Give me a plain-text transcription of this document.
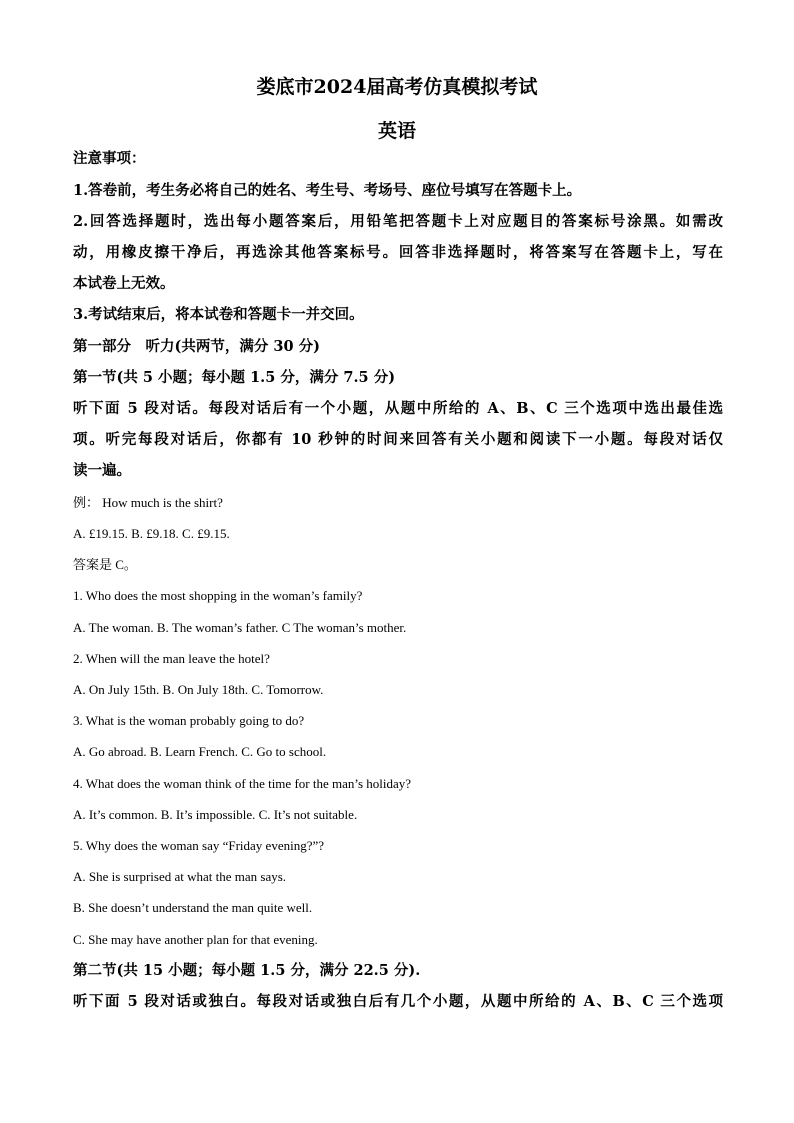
娄底市2024届高考仿真模拟考试
英语

注意事项：

1.答卷前，考生务必将自己的姓名、考生号、考场号、座位号填写在答题卡上。

2.回答选择题时，选出每小题答案后，用铅笔把答题卡上对应题目的答案标号涂黑。如需改

动，用橡皮擦干净后，再选涂其他答案标号。回答非选择题时，将答案写在答题卡上，写在

本试卷上无效。

3.考试结束后，将本试卷和答题卡一并交回。

第一部分　听力(共两节，满分 30 分)

第一节(共 5 小题；每小题 1.5 分，满分 7.5 分)

听下面 5 段对话。每段对话后有一个小题，从题中所给的 A、B、C 三个选项中选出最佳选

项。听完每段对话后，你都有 10 秒钟的时间来回答有关小题和阅读下一小题。每段对话仅

读一遍。

例： How much is the shirt?

A. £19.15. B. £9.18. C. £9.15.

答案是 C。

1. Who does the most shopping in the woman’s family?

A. The woman. B. The woman’s father. C The woman’s mother.

2. When will the man leave the hotel?

A. On July 15th. B. On July 18th. C. Tomorrow.

3. What is the woman probably going to do?

A. Go abroad. B. Learn French. C. Go to school.

4. What does the woman think of the time for the man’s holiday?

A. It’s common. B. It’s impossible. C. It’s not suitable.

5. Why does the woman say “Friday evening?”?

A. She is surprised at what the man says.

B. She doesn’t understand the man quite well.

C. She may have another plan for that evening.

第二节(共 15 小题；每小题 1.5 分，满分 22.5 分).

听下面 5 段对话或独白。每段对话或独白后有几个小题，从题中所给的 A、B、C 三个选项
